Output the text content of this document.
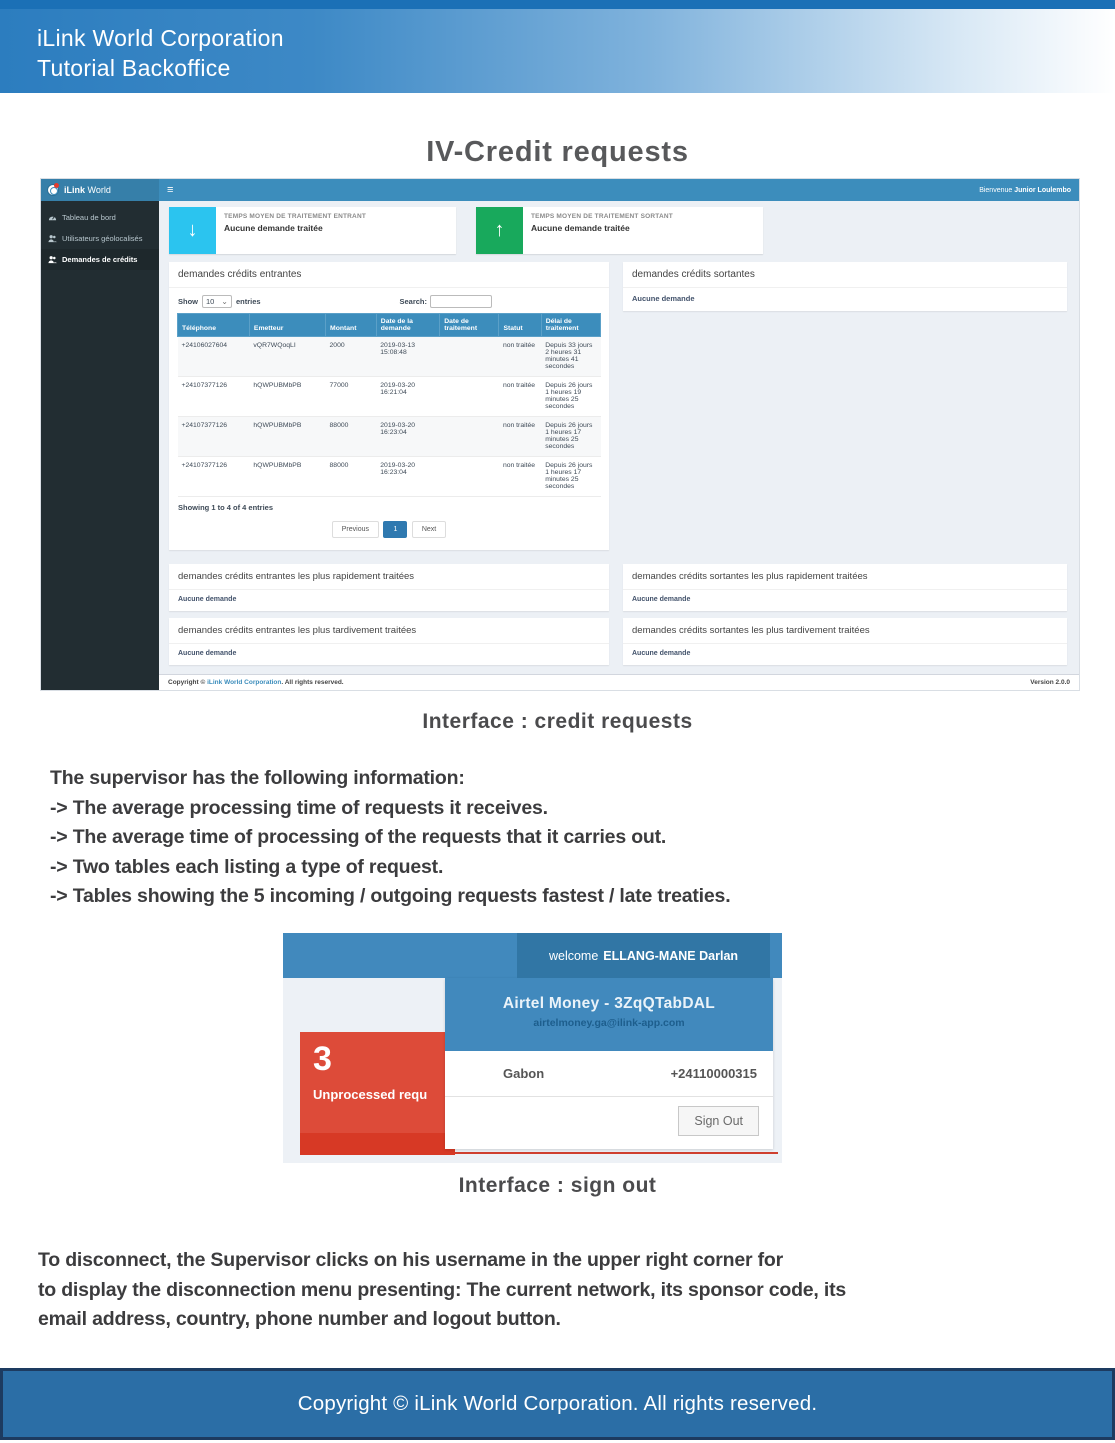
iLink World Corporation
Tutorial Backoffice
IV-Credit requests
iLink World	≡	Bienvenue Junior Loulembo
Tableau de bord
Utilisateurs géolocalisés
Demandes de crédits
↓
TEMPS MOYEN DE TRAITEMENT ENTRANT
Aucune demande traitée	↑
TEMPS MOYEN DE TRAITEMENT SORTANT
Aucune demande traitée
demandes crédits entrantes
Show 10 ⌄ entries	Search:
Téléphone	Emetteur	Montant	Date de la demande	Date de traitement	Statut	Délai de traitement
+24106027604	vQR7WQoqLI	2000	2019-03-13 15:08:48		non traitée	Depuis 33 jours 2 heures 31 minutes 41 secondes
+24107377126	hQWPUBMbPB	77000	2019-03-20 16:21:04		non traitée	Depuis 26 jours 1 heures 19 minutes 25 secondes
+24107377126	hQWPUBMbPB	88000	2019-03-20 16:23:04		non traitée	Depuis 26 jours 1 heures 17 minutes 25 secondes
+24107377126	hQWPUBMbPB	88000	2019-03-20 16:23:04		non traitée	Depuis 26 jours 1 heures 17 minutes 25 secondes
Showing 1 to 4 of 4 entries
Previous	1	Next
demandes crédits sortantes
Aucune demande
demandes crédits entrantes les plus rapidement traitées
Aucune demande
demandes crédits sortantes les plus rapidement traitées
Aucune demande
demandes crédits entrantes les plus tardivement traitées
Aucune demande
demandes crédits sortantes les plus tardivement traitées
Aucune demande
Copyright © iLink World Corporation. All rights reserved.	Version 2.0.0
Interface : credit requests
The supervisor has the following information:
-> The average processing time of requests it receives.
-> The average time of processing of the requests that it carries out.
-> Two tables each listing a type of request.
-> Tables showing the 5 incoming / outgoing requests fastest / late treaties.
welcome ELLANG-MANE Darlan
3
Unprocessed requ
Airtel Money - 3ZqQTabDAL
airtelmoney.ga@ilink-app.com
Gabon	+24110000315
Sign Out
Interface : sign out
To disconnect, the Supervisor clicks on his username in the upper right corner for
to display the disconnection menu presenting: The current network, its sponsor code, its
email address, country, phone number and logout button.
Copyright © iLink World Corporation. All rights reserved.
